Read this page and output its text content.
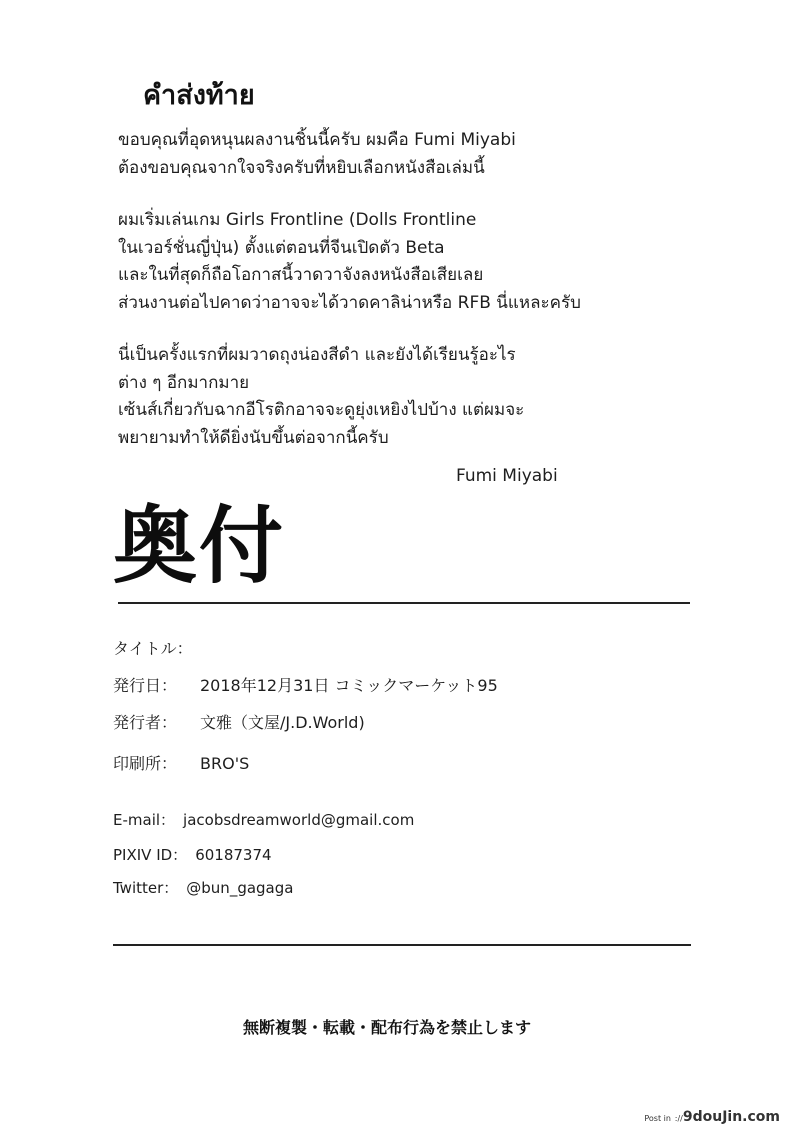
คำส่งท้าย
ขอบคุณที่อุดหนุนผลงานชิ้นนี้ครับ ผมคือ Fumi Miyabi
ต้องขอบคุณจากใจจริงครับที่หยิบเลือกหนังสือเล่มนี้
ผมเริ่มเล่นเกม Girls Frontline (Dolls Frontline
ในเวอร์ชั่นญี่ปุ่น) ตั้งแต่ตอนที่จีนเปิดตัว Beta
และในที่สุดก็ถือโอกาสนี้วาดวาจังลงหนังสือเสียเลย
ส่วนงานต่อไปคาดว่าอาจจะได้วาดคาลิน่าหรือ RFB นี่แหละครับ
นี่เป็นครั้งแรกที่ผมวาดถุงน่องสีดำ และยังได้เรียนรู้อะไร
ต่าง ๆ อีกมากมาย
เซ้นส์เกี่ยวกับฉากอีโรติกอาจจะดูยุ่งเหยิงไปบ้าง แต่ผมจะ
พยายามทำให้ดียิ่งนับขึ้นต่อจากนี้ครับ
Fumi Miyabi
奥付
タイトル：
発行日： 2018年12月31日 コミックマーケット95
発行者： 文雅（文屋/J.D.World)
印刷所： BRO'S
E-mail： jacobsdreamworld@gmail.com
PIXIV ID： 60187374
Twitter： @bun_gagaga
無断複製・転載・配布行為を禁止します
Post in ://9douJin.com
